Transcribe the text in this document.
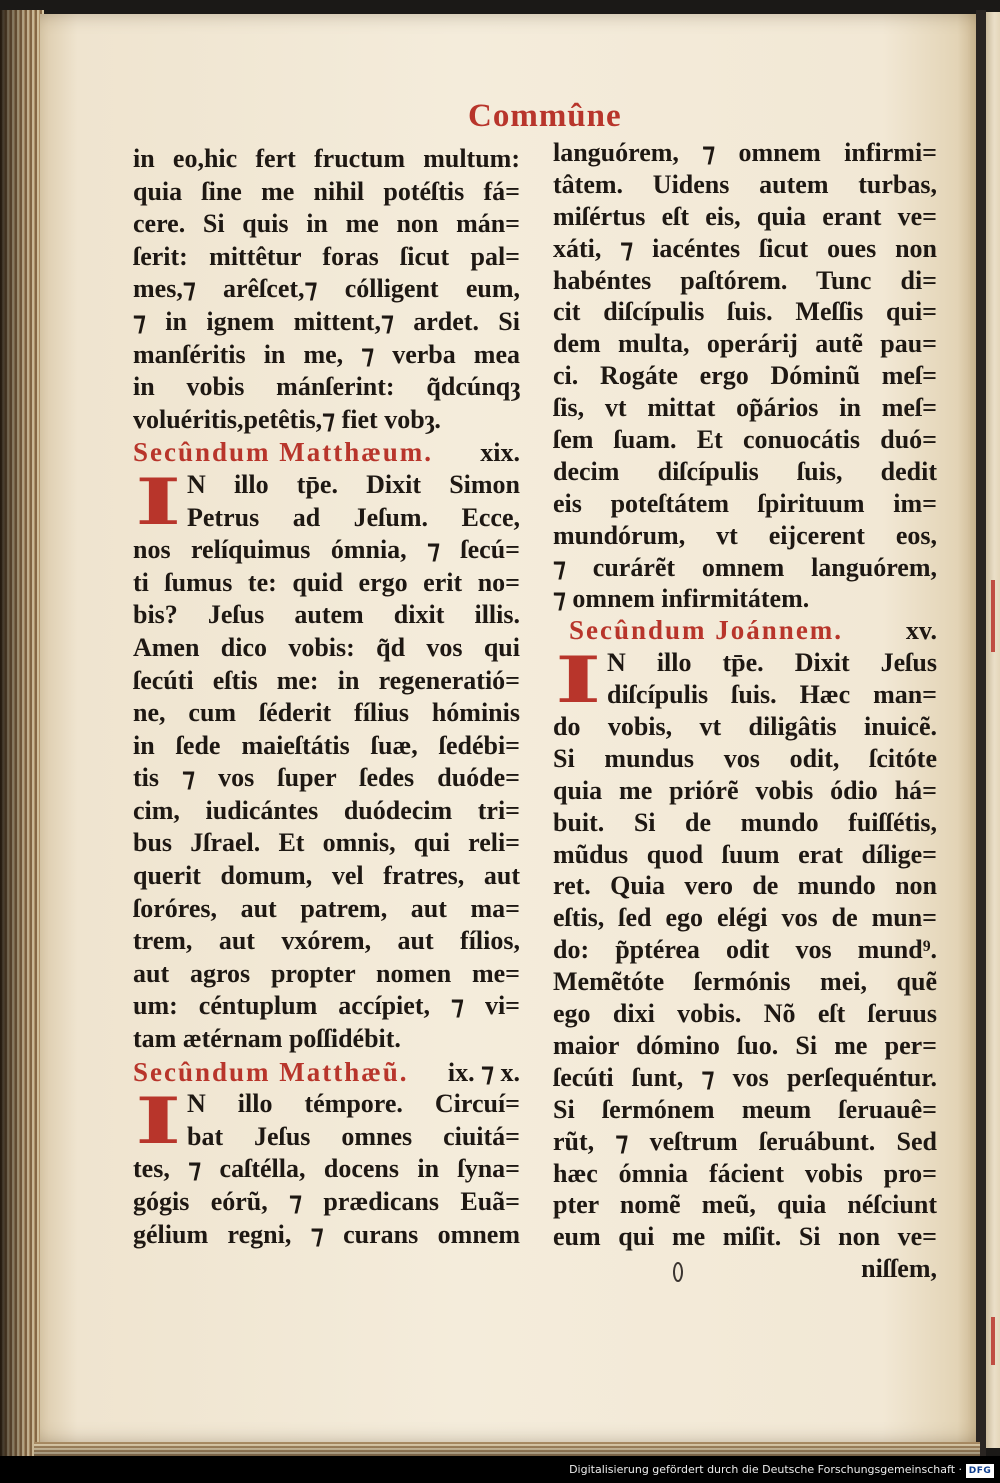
Commûne
in eo,hic fert fructum multum:
quia ſine me nihil potéſtis fá=
cere. Si quis in me non mán=
ſerit: mittêtur foras ſicut pal=
mes,⁊ arêſcet,⁊ cólligent eum,
⁊ in ignem mittent,⁊ ardet. Si
manſéritis in me, ⁊ verba mea
in vobis mánſerint: q̃dcúnqȝ
voluéritis,petêtis,⁊ fiet vobȝ.
Secûndum Matthæum. xix.
I N illo tp̄e. Dixit Simon
Petrus ad Jeſum. Ecce,
nos relíquimus ómnia, ⁊ ſecú=
ti ſumus te: quid ergo erit no=
bis? Jeſus autem dixit illis.
Amen dico vobis: q̃d vos qui
ſecúti eſtis me: in regeneratió=
ne, cum ſéderit fílius hóminis
in ſede maieſtátis ſuæ, ſedébi=
tis ⁊ vos ſuper ſedes duóde=
cim, iudicántes duódecim tri=
bus Jſrael. Et omnis, qui reli=
querit domum, vel fratres, aut
ſoróres, aut patrem, aut ma=
trem, aut vxórem, aut fílios,
aut agros propter nomen me=
um: céntuplum accípiet, ⁊ vi=
tam ætérnam poſſidébit.
Secûndum Matthæũ. ix. ⁊ x.
I N illo témpore. Circuí=
bat Jeſus omnes ciuitá=
tes, ⁊ caſtélla, docens in ſyna=
gógis eórũ, ⁊ prædicans Euã=
gélium regni, ⁊ curans omnem
languórem, ⁊ omnem infirmi=
tâtem. Uidens autem turbas,
miſértus eſt eis, quia erant ve=
xáti, ⁊ iacéntes ſicut oues non
habéntes paſtórem. Tunc di=
cit diſcípulis ſuis. Meſſis qui=
dem multa, operárij autẽ pau=
ci. Rogáte ergo Dóminũ meſ=
ſis, vt mittat op̃ários in meſ=
ſem ſuam. Et conuocátis duó=
decim diſcípulis ſuis, dedit
eis poteſtátem ſpirituum im=
mundórum, vt eijcerent eos,
⁊ curárẽt omnem languórem,
⁊ omnem infirmitátem.
Secûndum Joánnem. xv.
I N illo tp̄e. Dixit Jeſus
diſcípulis ſuis. Hæc man=
do vobis, vt diligâtis inuicẽ.
Si mundus vos odit, ſcitóte
quia me priórẽ vobis ódio há=
buit. Si de mundo fuiſſétis,
mũdus quod ſuum erat dílige=
ret. Quia vero de mundo non
eſtis, ſed ego elégi vos de mun=
do: p̃ptérea odit vos mund⁹.
Memẽtóte ſermónis mei, quẽ
ego dixi vobis. Nõ eſt ſeruus
maior dómino ſuo. Si me per=
ſecúti ſunt, ⁊ vos perſequéntur.
Si ſermónem meum ſeruauê=
rũt, ⁊ veſtrum ſeruábunt. Sed
hæc ómnia fácient vobis pro=
pter nomẽ meũ, quia néſciunt
eum qui me miſit. Si non ve=
niſſem,
Digitalisierung gefördert durch die Deutsche Forschungsgemeinschaft · DFG
